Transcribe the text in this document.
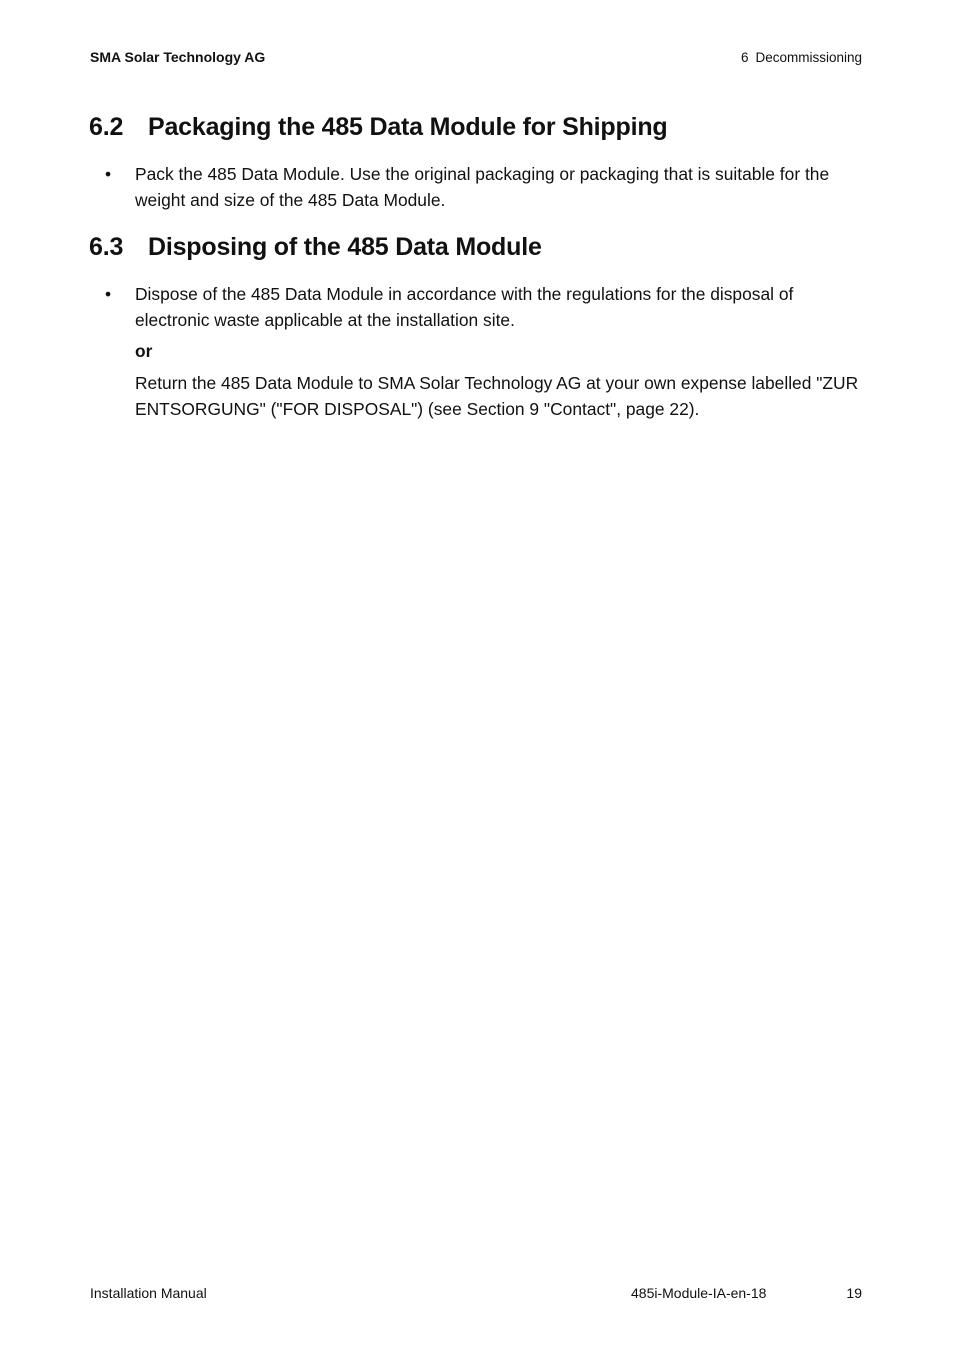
SMA Solar Technology AG	6 Decommissioning
6.2 Packaging the 485 Data Module for Shipping
• Pack the 485 Data Module. Use the original packaging or packaging that is suitable for the weight and size of the 485 Data Module.
6.3 Disposing of the 485 Data Module
• Dispose of the 485 Data Module in accordance with the regulations for the disposal of electronic waste applicable at the installation site.
or
Return the 485 Data Module to SMA Solar Technology AG at your own expense labelled "ZUR ENTSORGUNG" ("FOR DISPOSAL") (see Section 9 "Contact", page 22).
Installation Manual	485i-Module-IA-en-18	19
